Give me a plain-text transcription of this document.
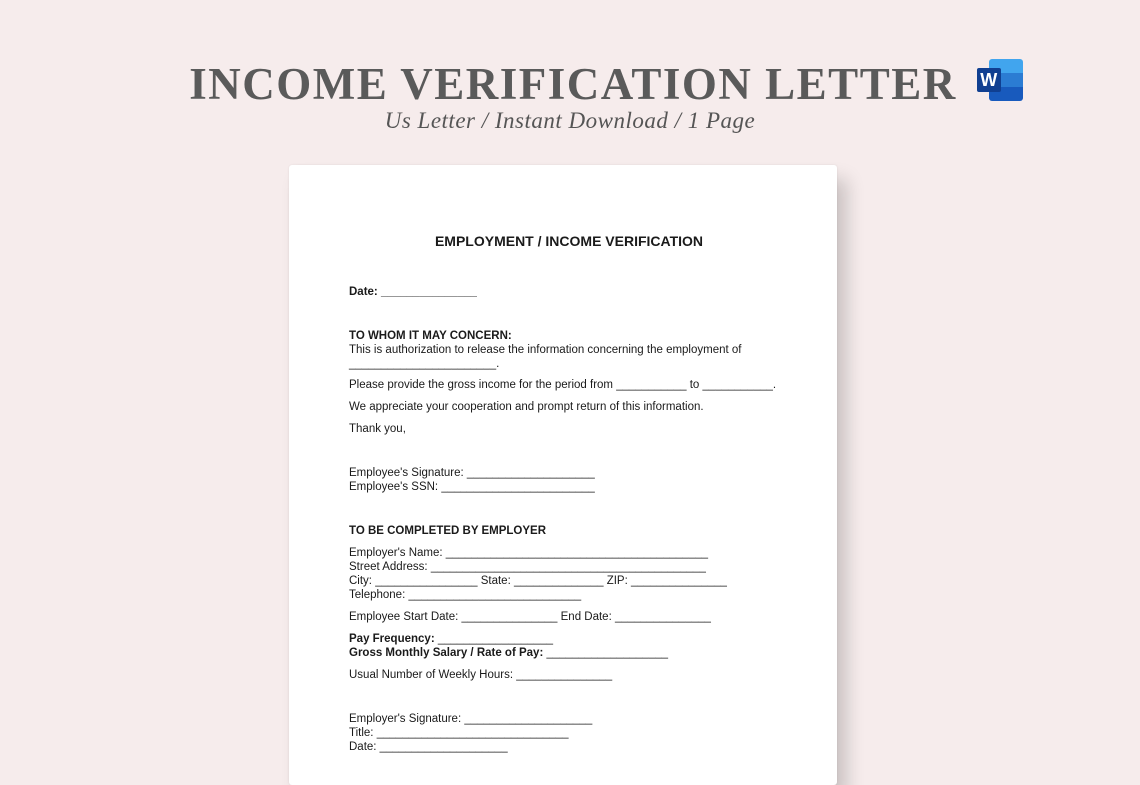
INCOME VERIFICATION LETTER W
Us Letter / Instant Download / 1 Page
EMPLOYMENT / INCOME VERIFICATION
Date: _______________
TO WHOM IT MAY CONCERN:
This is authorization to release the information concerning the employment of
_______________________.
Please provide the gross income for the period from ___________ to ___________.
We appreciate your cooperation and prompt return of this information.
Thank you,
Employee's Signature: ____________________
Employee's SSN: ________________________
TO BE COMPLETED BY EMPLOYER
Employer's Name: _________________________________________
Street Address: ___________________________________________
City: ________________ State: ______________ ZIP: _______________
Telephone: ___________________________
Employee Start Date: _______________ End Date: _______________
Pay Frequency: __________________
Gross Monthly Salary / Rate of Pay: ___________________
Usual Number of Weekly Hours: _______________
Employer's Signature: ____________________
Title: ______________________________
Date: ____________________
